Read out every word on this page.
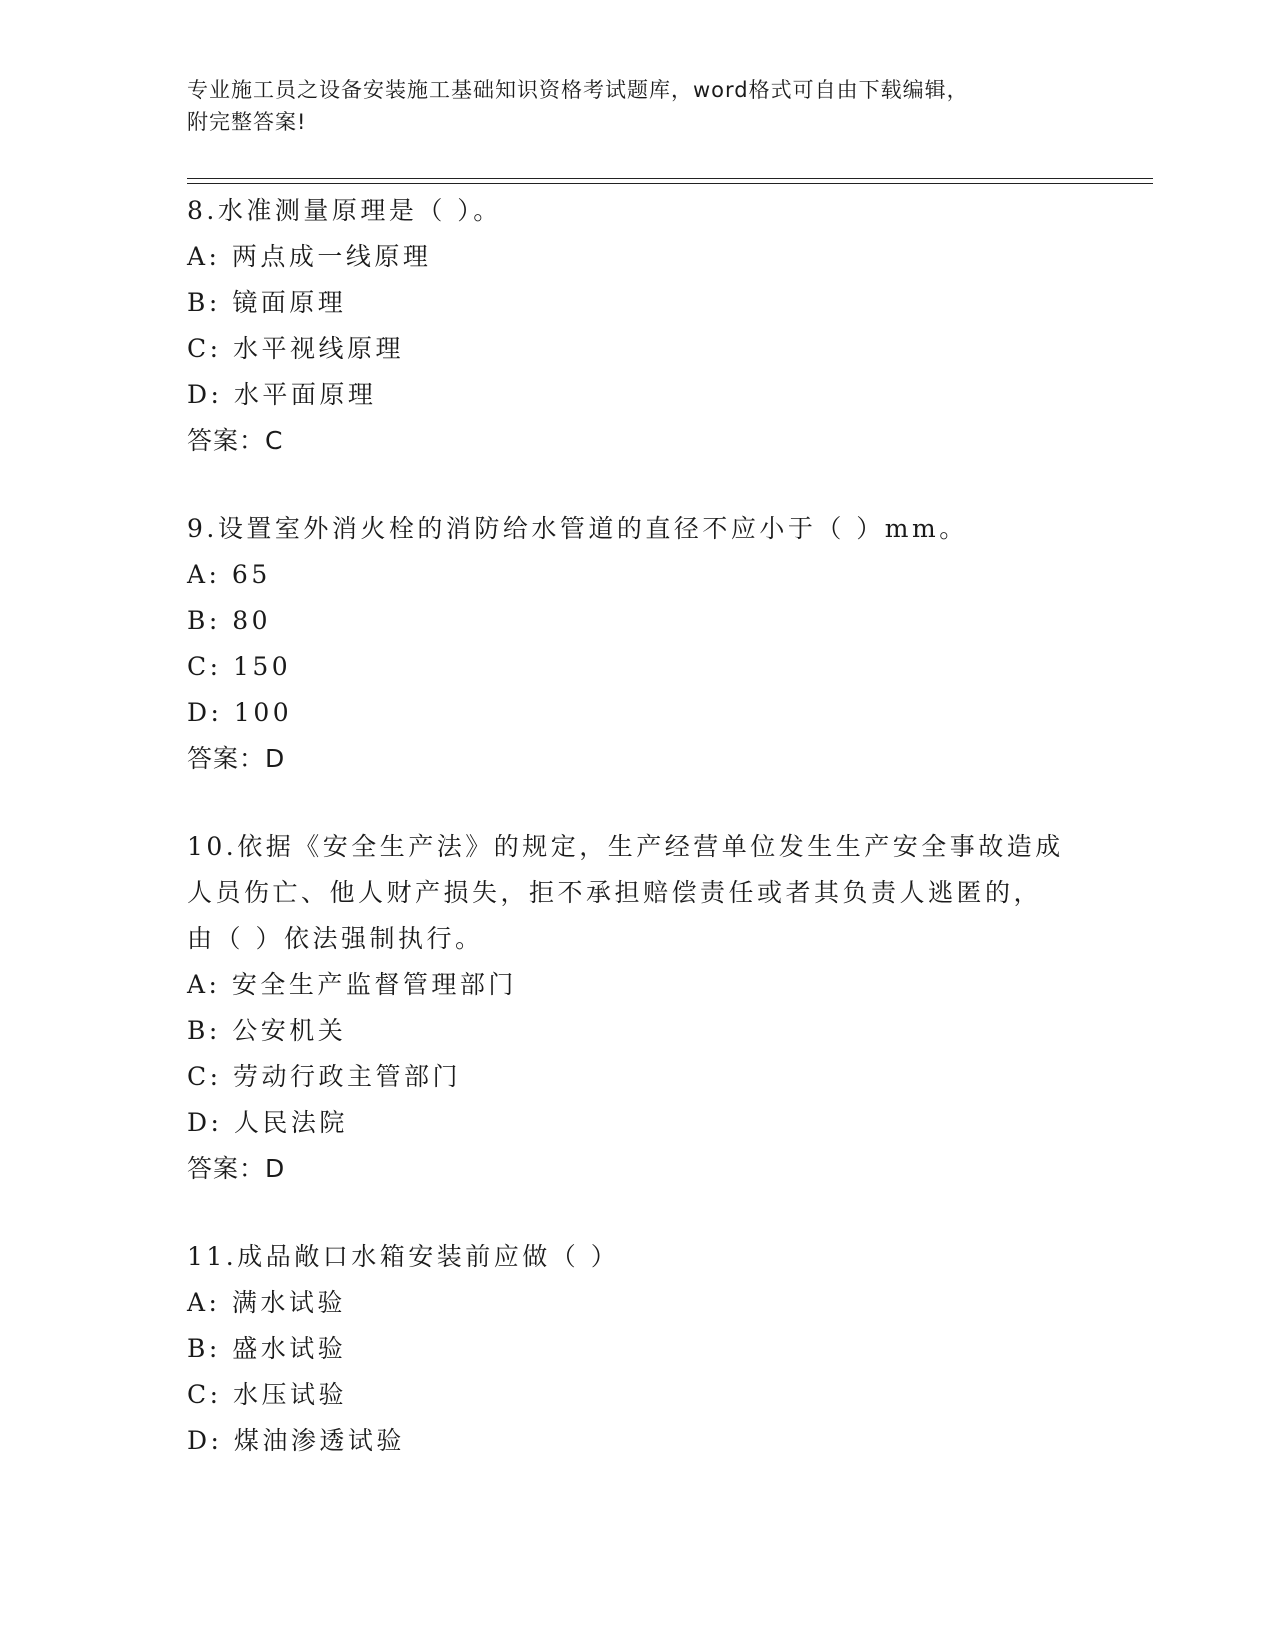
专业施工员之设备安装施工基础知识资格考试题库，word格式可自由下载编辑，
附完整答案!
8.水准测量原理是（ ）。
A: 两点成一线原理
B: 镜面原理
C: 水平视线原理
D: 水平面原理
答案：C
9.设置室外消火栓的消防给水管道的直径不应小于（ ）mm。
A: 65
B: 80
C: 150
D: 100
答案：D
10.依据《安全生产法》的规定，生产经营单位发生生产安全事故造成
人员伤亡、他人财产损失，拒不承担赔偿责任或者其负责人逃匿的，
由（ ）依法强制执行。
A: 安全生产监督管理部门
B: 公安机关
C: 劳动行政主管部门
D: 人民法院
答案：D
11.成品敞口水箱安装前应做（ ）
A: 满水试验
B: 盛水试验
C: 水压试验
D: 煤油渗透试验
